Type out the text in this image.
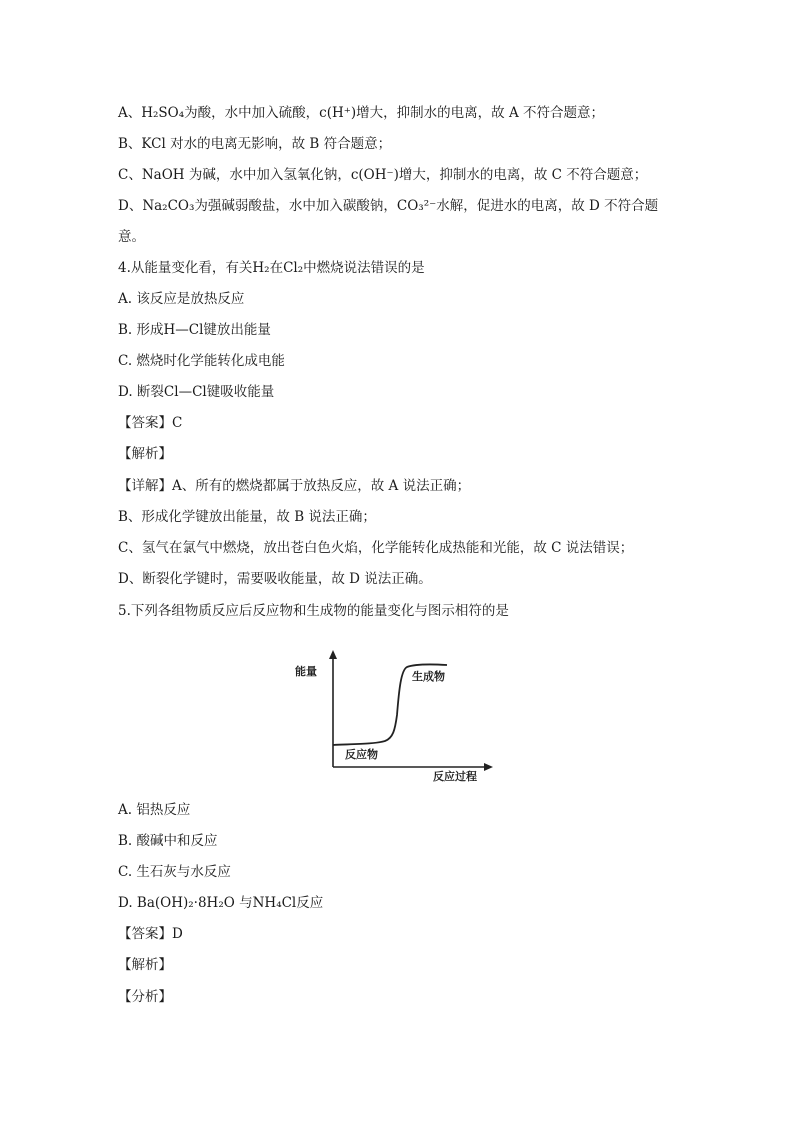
A、H₂SO₄为酸，水中加入硫酸，c(H⁺)增大，抑制水的电离，故 A 不符合题意；
B、KCl 对水的电离无影响，故 B 符合题意；
C、NaOH 为碱，水中加入氢氧化钠，c(OH⁻)增大，抑制水的电离，故 C 不符合题意；
D、Na₂CO₃为强碱弱酸盐，水中加入碳酸钠，CO₃²⁻水解，促进水的电离，故 D 不符合题
意。
4.从能量变化看，有关H₂在Cl₂中燃烧说法错误的是
A. 该反应是放热反应
B. 形成H—Cl键放出能量
C. 燃烧时化学能转化成电能
D. 断裂Cl—Cl键吸收能量
【答案】C
【解析】
【详解】A、所有的燃烧都属于放热反应，故 A 说法正确；
B、形成化学键放出能量，故 B 说法正确；
C、氢气在氯气中燃烧，放出苍白色火焰，化学能转化成热能和光能，故 C 说法错误；
D、断裂化学键时，需要吸收能量，故 D 说法正确。
5.下列各组物质反应后反应物和生成物的能量变化与图示相符的是
能量	生成物
反应物
反应过程
A. 铝热反应
B. 酸碱中和反应
C. 生石灰与水反应
D. Ba(OH)₂·8H₂O 与NH₄Cl反应
【答案】D
【解析】
【分析】
